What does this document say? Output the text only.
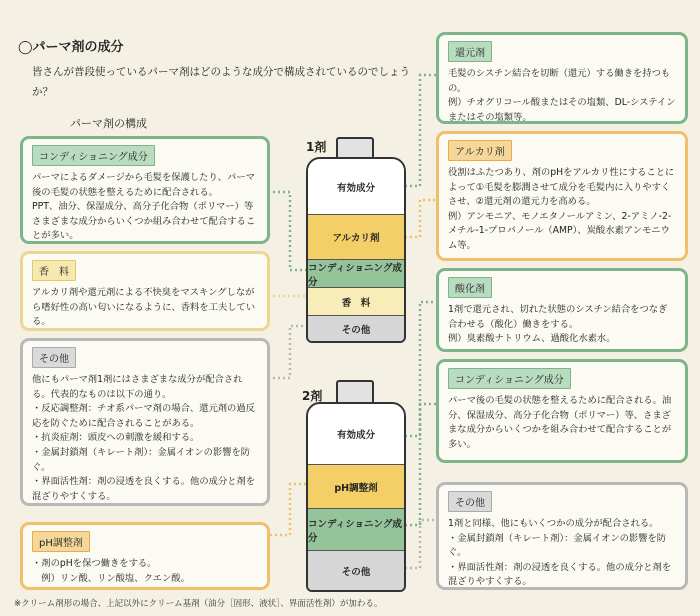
◯パーマ剤の成分
皆さんが普段使っているパーマ剤はどのような成分で構成されているのでしょうか？
パーマ剤の構成
コンディショニング成分
パーマによるダメージから毛髪を保護したり、パーマ後の毛髪の状態を整えるために配合される。
PPT、油分、保湿成分、高分子化合物（ポリマー）等さまざまな成分からいくつか組み合わせて配合することが多い。
香　料
アルカリ剤や還元剤による不快臭をマスキングしながら嗜好性の高い匂いになるように、香料を工夫している。
その他
他にもパーマ剤1剤にはさまざまな成分が配合される。代表的なものは以下の通り。
・反応調整剤：チオ系パーマ剤の場合、還元剤の過反応を防ぐために配合されることがある。
・抗炎症剤：頭皮への刺激を緩和する。
・金属封鎖剤（キレート剤）：金属イオンの影響を防ぐ。
・界面活性剤：剤の浸透を良くする。他の成分と剤を混ざりやすくする。
pH調整剤
・剤のpHを保つ働きをする。
　例）リン酸、リン酸塩、クエン酸。
1剤
有効成分
アルカリ剤
コンディショニング成分
香　料
その他
2剤
有効成分
pH調整剤
コンディショニング成分
その他
還元剤
毛髪のシスチン結合を切断（還元）する働きを持つもの。
例）チオグリコール酸またはその塩類、DL-システインまたはその塩類等。
アルカリ剤
役割はふたつあり、剤のpHをアルカリ性にすることによって①毛髪を膨潤させて成分を毛髪内に入りやすくさせ、②還元剤の還元力を高める。
例）アンモニア、モノエタノールアミン、2-アミノ-2-メチル-1-プロパノール（AMP）、炭酸水素アンモニウム等。
酸化剤
1剤で還元され、切れた状態のシスチン結合をつなぎ合わせる（酸化）働きをする。
例）臭素酸ナトリウム、過酸化水素水。
コンディショニング成分
パーマ後の毛髪の状態を整えるために配合される。油分、保湿成分、高分子化合物（ポリマー）等、さまざまな成分からいくつかを組み合わせて配合することが多い。
その他
1剤と同様、他にもいくつかの成分が配合される。
・金属封鎖剤（キレート剤）：金属イオンの影響を防ぐ。
・界面活性剤：剤の浸透を良くする。他の成分と剤を混ざりやすくする。
※クリーム剤形の場合、上記以外にクリーム基剤（油分［固形、液状］、界面活性剤）が加わる。
